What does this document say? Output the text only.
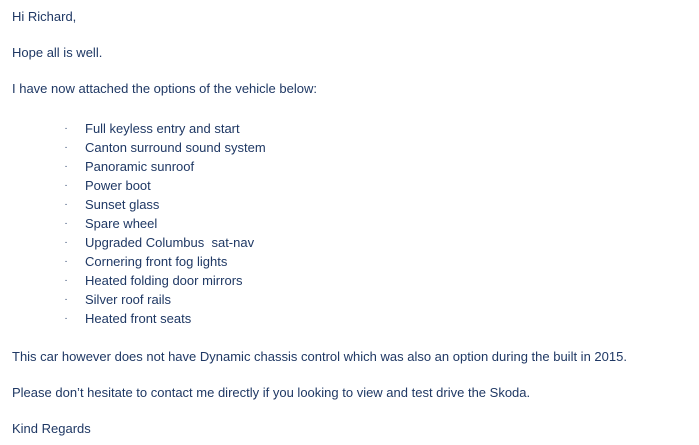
Hi Richard,

Hope all is well.

I have now attached the options of the vehicle below:

· Full keyless entry and start
· Canton surround sound system
· Panoramic sunroof
· Power boot
· Sunset glass
· Spare wheel
· Upgraded Columbus  sat-nav
· Cornering front fog lights
· Heated folding door mirrors
· Silver roof rails
· Heated front seats

This car however does not have Dynamic chassis control which was also an option during the built in 2015.

Please don’t hesitate to contact me directly if you looking to view and test drive the Skoda.

Kind Regards
